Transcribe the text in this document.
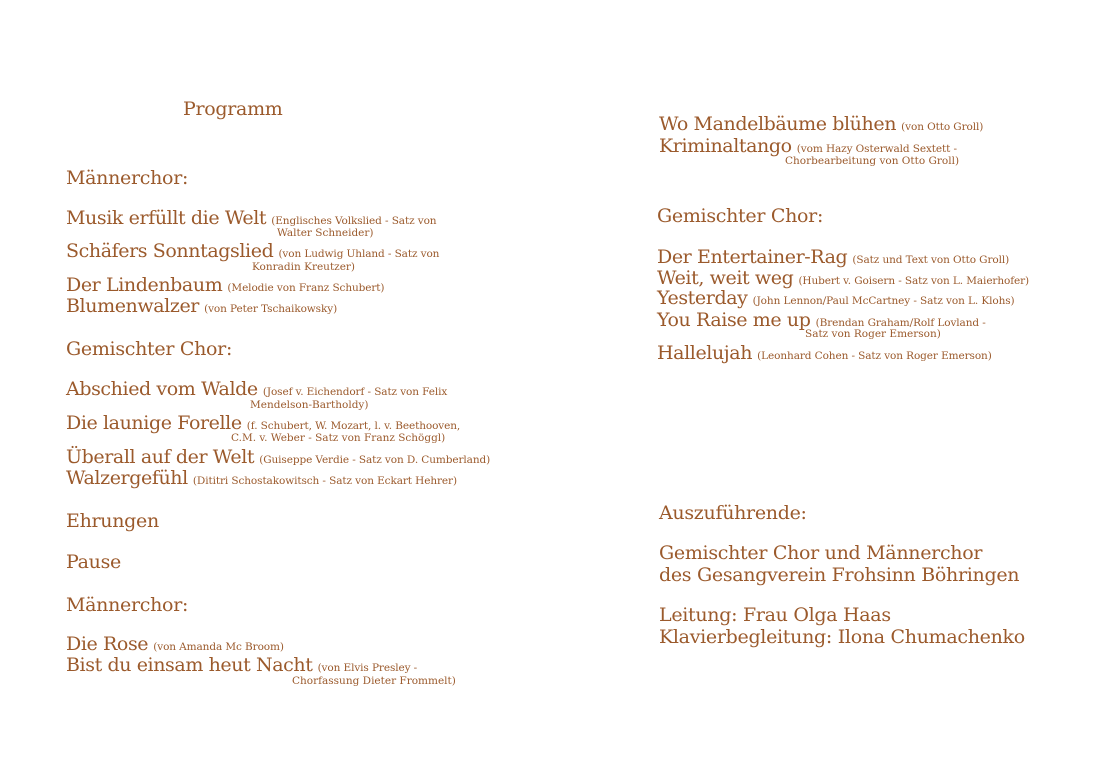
Programm
Männerchor:
Musik erfüllt die Welt (Englisches Volkslied - Satz von
Walter Schneider)
Schäfers Sonntagslied (von Ludwig Uhland - Satz von
Konradin Kreutzer)
Der Lindenbaum (Melodie von Franz Schubert)
Blumenwalzer (von Peter Tschaikowsky)
Gemischter Chor:
Abschied vom Walde (Josef v. Eichendorf - Satz von Felix
Mendelson-Bartholdy)
Die launige Forelle (f. Schubert, W. Mozart, l. v. Beethooven,
C.M. v. Weber - Satz von Franz Schöggl)
Überall auf der Welt (Guiseppe Verdie - Satz von D. Cumberland)
Walzergefühl (Dititri Schostakowitsch - Satz von Eckart Hehrer)
Ehrungen
Pause
Männerchor:
Die Rose (von Amanda Mc Broom)
Bist du einsam heut Nacht (von Elvis Presley -
Chorfassung Dieter Frommelt)
Wo Mandelbäume blühen (von Otto Groll)
Kriminaltango (vom Hazy Osterwald Sextett -
Chorbearbeitung von Otto Groll)
Gemischter Chor:
Der Entertainer-Rag (Satz und Text von Otto Groll)
Weit, weit weg (Hubert v. Goisern - Satz von L. Maierhofer)
Yesterday (John Lennon/Paul McCartney - Satz von L. Klohs)
You Raise me up (Brendan Graham/Rolf Lovland -
Satz von Roger Emerson)
Hallelujah (Leonhard Cohen - Satz von Roger Emerson)
Auszuführende:
Gemischter Chor und Männerchor
des Gesangverein Frohsinn Böhringen
Leitung: Frau Olga Haas
Klavierbegleitung: Ilona Chumachenko
